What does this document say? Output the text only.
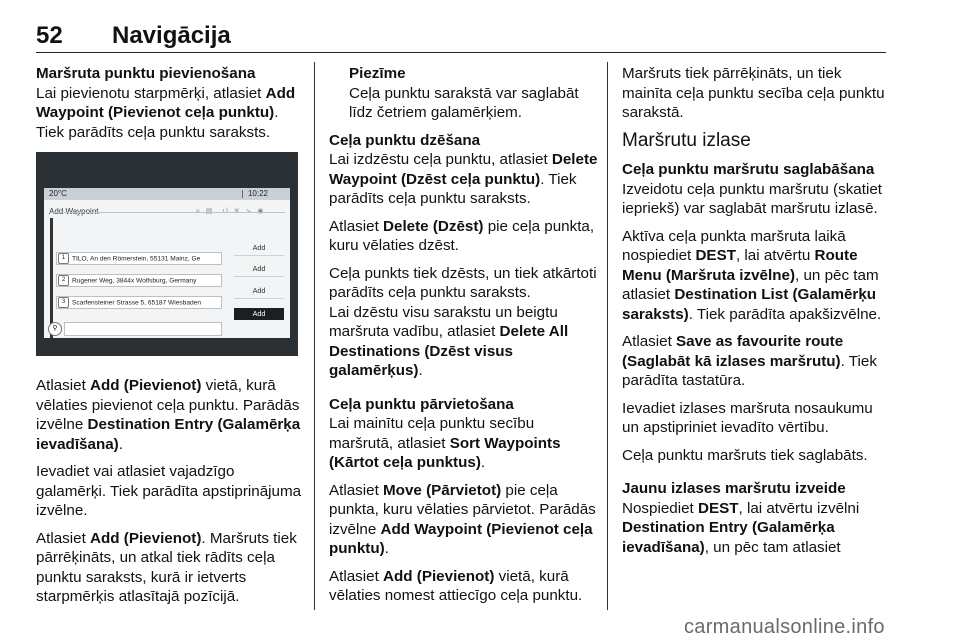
52 Navigācija
Maršruta punktu pievienošana

Lai pievienotu starpmērķi, atlasiet Add Waypoint (Pievienot ceļa punktu). Tiek parādīts ceļa punktu saraksts.

20°C	10:22
Add
1 TILO, An den Römerstein, 55131 Mainz, Ge
Add
2 Rugener Weg, 3844x Wolfsburg, Germany
Add
3 Scarfensteiner Strasse 5, 65187 Wiesbaden
Add
⚲

Atlasiet Add (Pievienot) vietā, kurā vēlaties pievienot ceļa punktu. Parādās izvēlne Destination Entry (Galamērķa ievadīšana).

Ievadiet vai atlasiet vajadzīgo galamērķi. Tiek parādīta apstiprinājuma izvēlne.

Atlasiet Add (Pievienot). Maršruts tiek pārrēķināts, un atkal tiek rādīts ceļa punktu saraksts, kurā ir ietverts starpmērķis atlasītajā pozīcijā.

Piezīme
Ceļa punktu sarakstā var saglabāt līdz četriem galamērķiem.
Ceļa punktu dzēšana

Lai izdzēstu ceļa punktu, atlasiet Delete Waypoint (Dzēst ceļa punktu). Tiek parādīts ceļa punktu saraksts.

Atlasiet Delete (Dzēst) pie ceļa punkta, kuru vēlaties dzēst.

Ceļa punkts tiek dzēsts, un tiek atkārtoti parādīts ceļa punktu saraksts.

Lai dzēstu visu sarakstu un beigtu maršruta vadību, atlasiet Delete All Destinations (Dzēst visus galamērķus).

Ceļa punktu pārvietošana

Lai mainītu ceļa punktu secību maršrutā, atlasiet Sort Waypoints (Kārtot ceļa punktus).

Atlasiet Move (Pārvietot) pie ceļa punkta, kuru vēlaties pārvietot. Parādās izvēlne Add Waypoint (Pievienot ceļa punktu).

Atlasiet Add (Pievienot) vietā, kurā vēlaties nomest attiecīgo ceļa punktu.

Maršruts tiek pārrēķināts, un tiek mainīta ceļa punktu secība ceļa punktu sarakstā.

Maršrutu izlase
Ceļa punktu maršrutu saglabāšana

Izveidotu ceļa punktu maršrutu (skatiet iepriekš) var saglabāt maršrutu izlasē.

Aktīva ceļa punkta maršruta laikā nospiediet DEST, lai atvērtu Route Menu (Maršruta izvēlne), un pēc tam atlasiet Destination List (Galamērķu saraksts). Tiek parādīta apakšizvēlne.

Atlasiet Save as favourite route (Saglabāt kā izlases maršrutu). Tiek parādīta tastatūra.

Ievadiet izlases maršruta nosaukumu un apstipriniet ievadīto vērtību.

Ceļa punktu maršruts tiek saglabāts.

Jaunu izlases maršrutu izveide

Nospiediet DEST, lai atvērtu izvēlni Destination Entry (Galamērķa ievadīšana), un pēc tam atlasiet

carmanualsonline.info
